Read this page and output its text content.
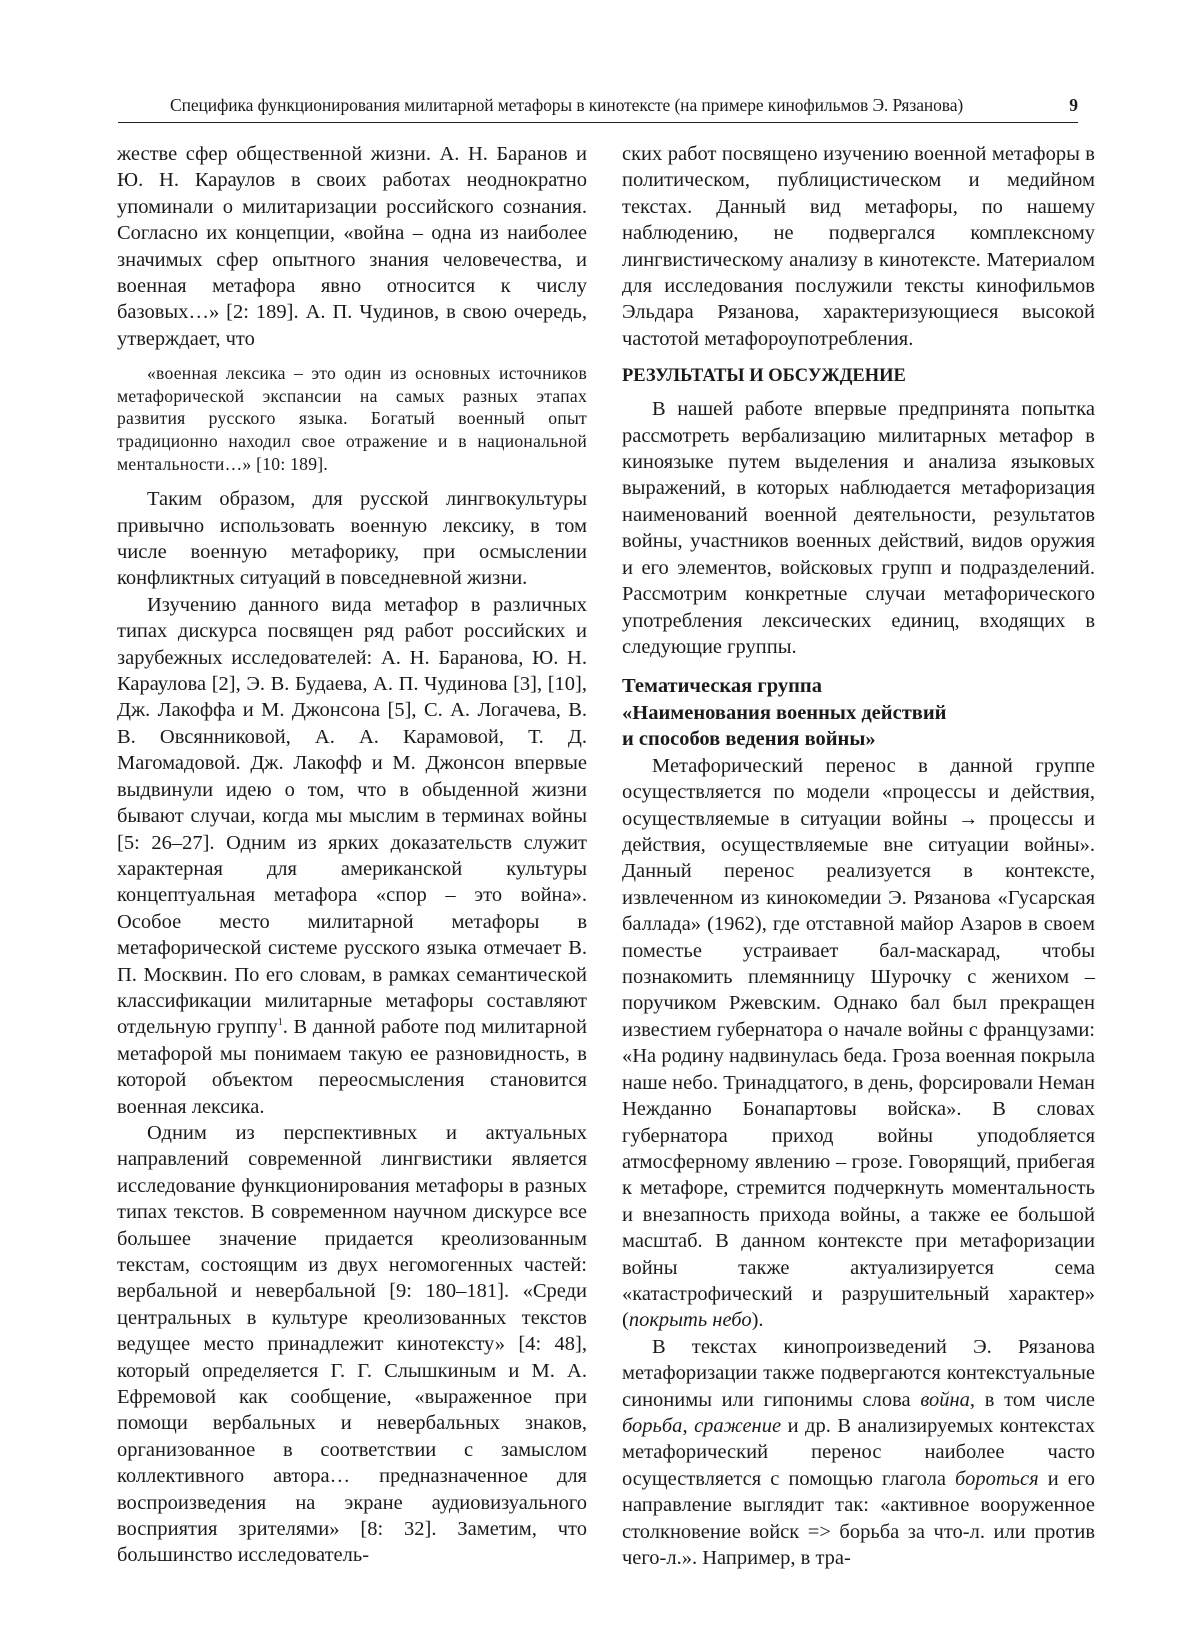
Специфика функционирования милитарной метафоры в кинотексте (на примере кинофильмов Э. Рязанова)	9

жестве сфер общественной жизни. А. Н. Баранов и Ю. Н. Караулов в своих работах неоднократно упоминали о милитаризации российского сознания. Согласно их концепции, «война – одна из наиболее значимых сфер опытного знания человечества, и военная метафора явно относится к числу базовых…» [2: 189]. А. П. Чудинов, в свою очередь, утверждает, что

«военная лексика – это один из основных источников метафорической экспансии на самых разных этапах развития русского языка. Богатый военный опыт традиционно находил свое отражение и в национальной ментальности…» [10: 189].

Таким образом, для русской лингвокультуры привычно использовать военную лексику, в том числе военную метафорику, при осмыслении конфликтных ситуаций в повседневной жизни.

Изучению данного вида метафор в различных типах дискурса посвящен ряд работ российских и зарубежных исследователей: А. Н. Баранова, Ю. Н. Караулова [2], Э. В. Будаева, А. П. Чудинова [3], [10], Дж. Лакоффа и М. Джонсона [5], С. А. Логачева, В. В. Овсянниковой, А. А. Карамовой, Т. Д. Магомадовой. Дж. Лакофф и М. Джонсон впервые выдвинули идею о том, что в обыденной жизни бывают случаи, когда мы мыслим в терминах войны [5: 26–27]. Одним из ярких доказательств служит характерная для американской культуры концептуальная метафора «спор – это война». Особое место милитарной метафоры в метафорической системе русского языка отмечает В. П. Москвин. По его словам, в рамках семантической классификации милитарные метафоры составляют отдельную группу$^1$. В данной работе под милитарной метафорой мы понимаем такую ее разновидность, в которой объектом переосмысления становится военная лексика.

Одним из перспективных и актуальных направлений современной лингвистики является исследование функционирования метафоры в разных типах текстов. В современном научном дискурсе все большее значение придается креолизованным текстам, состоящим из двух негомогенных частей: вербальной и невербальной [9: 180–181]. «Среди центральных в культуре креолизованных текстов ведущее место принадлежит кинотексту» [4: 48], который определяется Г. Г. Слышкиным и М. А. Ефремовой как сообщение, «выраженное при помощи вербальных и невербальных знаков, организованное в соответствии с замыслом коллективного автора… предназначенное для воспроизведения на экране аудиовизуального восприятия зрителями» [8: 32]. Заметим, что большинство исследователь-

ских работ посвящено изучению военной метафоры в политическом, публицистическом и медийном текстах. Данный вид метафоры, по нашему наблюдению, не подвергался комплексному лингвистическому анализу в кинотексте. Материалом для исследования послужили тексты кинофильмов Эльдара Рязанова, характеризующиеся высокой частотой метафороупотребления.

РЕЗУЛЬТАТЫ И ОБСУЖДЕНИЕ

В нашей работе впервые предпринята попытка рассмотреть вербализацию милитарных метафор в киноязыке путем выделения и анализа языковых выражений, в которых наблюдается метафоризация наименований военной деятельности, результатов войны, участников военных действий, видов оружия и его элементов, войсковых групп и подразделений. Рассмотрим конкретные случаи метафорического употребления лексических единиц, входящих в следующие группы.

Тематическая группа
«Наименования военных действий
и способов ведения войны»

Метафорический перенос в данной группе осуществляется по модели «процессы и действия, осуществляемые в ситуации войны → процессы и действия, осуществляемые вне ситуации войны». Данный перенос реализуется в контексте, извлеченном из кинокомедии Э. Рязанова «Гусарская баллада» (1962), где отставной майор Азаров в своем поместье устраивает бал-маскарад, чтобы познакомить племянницу Шурочку с женихом – поручиком Ржевским. Однако бал был прекращен известием губернатора о начале войны с французами: «На родину надвинулась беда. Гроза военная покрыла наше небо. Тринадцатого, в день, форсировали Неман Нежданно Бонапартовы войска». В словах губернатора приход войны уподобляется атмосферному явлению – грозе. Говорящий, прибегая к метафоре, стремится подчеркнуть моментальность и внезапность прихода войны, а также ее большой масштаб. В данном контексте при метафоризации войны также актуализируется сема «катастрофический и разрушительный характер» (покрыть небо).

В текстах кинопроизведений Э. Рязанова метафоризации также подвергаются контекстуальные синонимы или гипонимы слова война, в том числе борьба, сражение и др. В анализируемых контекстах метафорический перенос наиболее часто осуществляется с помощью глагола бороться и его направление выглядит так: «активное вооруженное столкновение войск => борьба за что-л. или против чего-л.». Например, в тра-
